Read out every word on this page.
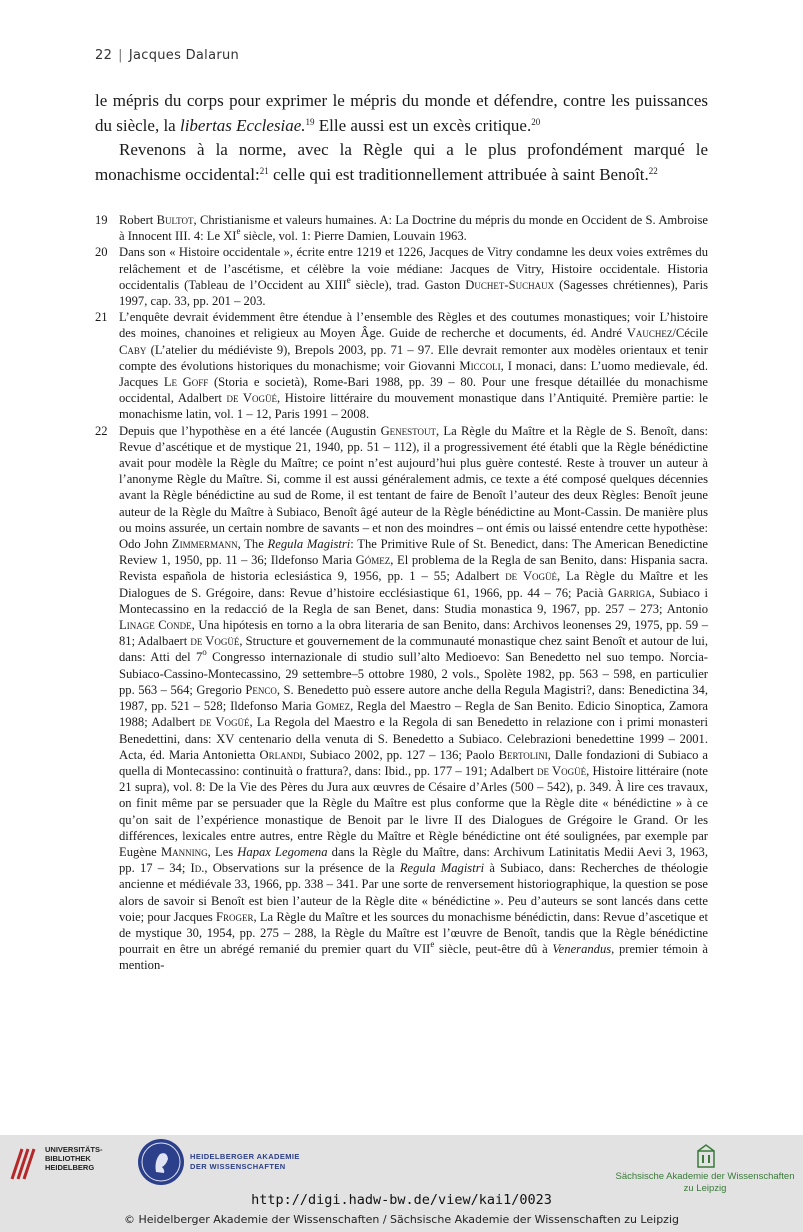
22 | Jacques Dalarun

le mépris du corps pour exprimer le mépris du monde et défendre, contre les puissances du siècle, la libertas Ecclesiae.$^{19}$ Elle aussi est un excès critique.$^{20}$

Revenons à la norme, avec la Règle qui a le plus profondément marqué le monachisme occidental:$^{21}$ celle qui est traditionnellement attribuée à saint Benoît.$^{22}$

19 Robert Bultot, Christianisme et valeurs humaines. A: La Doctrine du mépris du monde en Occident de S. Ambroise à Innocent III. 4: Le XIe siècle, vol. 1: Pierre Damien, Louvain 1963.
20 Dans son « Histoire occidentale », écrite entre 1219 et 1226, Jacques de Vitry condamne les deux voies extrêmes du relâchement et de l’ascétisme, et célèbre la voie médiane: Jacques de Vitry, Histoire occidentale. Historia occidentalis (Tableau de l’Occident au XIIIe siècle), trad. Gaston Duchet-Suchaux (Sagesses chrétiennes), Paris 1997, cap. 33, pp. 201 – 203.
21 L’enquête devrait évidemment être étendue à l’ensemble des Règles et des coutumes monastiques; voir L’histoire des moines, chanoines et religieux au Moyen Âge. Guide de recherche et documents, éd. André Vauchez/Cécile Caby (L’atelier du médiéviste 9), Brepols 2003, pp. 71 – 97. Elle devrait remonter aux modèles orientaux et tenir compte des évolutions historiques du monachisme; voir Giovanni Miccoli, I monaci, dans: L’uomo medievale, éd. Jacques Le Goff (Storia e società), Rome-Bari 1988, pp. 39 – 80. Pour une fresque détaillée du monachisme occidental, Adalbert de Vogüé, Histoire littéraire du mouvement monastique dans l’Antiquité. Première partie: le monachisme latin, vol. 1 – 12, Paris 1991 – 2008.
22 Depuis que l’hypothèse en a été lancée (Augustin Genestout, La Règle du Maître et la Règle de S. Benoît, dans: Revue d’ascétique et de mystique 21, 1940, pp. 51 – 112), il a progressivement été établi que la Règle bénédictine avait pour modèle la Règle du Maître; ce point n’est aujourd’hui plus guère contesté. Reste à trouver un auteur à l’anonyme Règle du Maître. Si, comme il est aussi généralement admis, ce texte a été composé quelques décennies avant la Règle bénédictine au sud de Rome, il est tentant de faire de Benoît l’auteur des deux Règles: Benoît jeune auteur de la Règle du Maître à Subiaco, Benoît âgé auteur de la Règle bénédictine au Mont-Cassin. De manière plus ou moins assurée, un certain nombre de savants – et non des moindres – ont émis ou laissé entendre cette hypothèse: Odo John Zimmermann, The Regula Magistri: The Primitive Rule of St. Benedict, dans: The American Benedictine Review 1, 1950, pp. 11 – 36; Ildefonso Maria Gómez, El problema de la Regla de san Benito, dans: Hispania sacra. Revista española de historia eclesiástica 9, 1956, pp. 1 – 55; Adalbert de Vogüé, La Règle du Maître et les Dialogues de S. Grégoire, dans: Revue d’histoire ecclésiastique 61, 1966, pp. 44 – 76; Pacià Garriga, Subiaco i Montecassino en la redacció de la Regla de san Benet, dans: Studia monastica 9, 1967, pp. 257 – 273; Antonio Linage Conde, Una hipótesis en torno a la obra literaria de san Benito, dans: Archivos leonenses 29, 1975, pp. 59 – 81; Adalbaert de Vogüé, Structure et gouvernement de la communauté monastique chez saint Benoît et autour de lui, dans: Atti del 7$^o$ Congresso internazionale di studio sull’alto Medioevo: San Benedetto nel suo tempo. Norcia-Subiaco-Cassino-Montecassino, 29 settembre–5 ottobre 1980, 2 vols., Spolète 1982, pp. 563 – 598, en particulier pp. 563 – 564; Gregorio Penco, S. Benedetto può essere autore anche della Regula Magistri?, dans: Benedictina 34, 1987, pp. 521 – 528; Ildefonso Maria Gomez, Regla del Maestro – Regla de San Benito. Edicio Sinoptica, Zamora 1988; Adalbert de Vogüé, La Regola del Maestro e la Regola di san Benedetto in relazione con i primi monasteri Benedettini, dans: XV centenario della venuta di S. Benedetto a Subiaco. Celebrazioni benedettine 1999 – 2001. Acta, éd. Maria Antonietta Orlandi, Subiaco 2002, pp. 127 – 136; Paolo Bertolini, Dalle fondazioni di Subiaco a quella di Montecassino: continuità o frattura?, dans: Ibid., pp. 177 – 191; Adalbert de Vogüé, Histoire littéraire (note 21 supra), vol. 8: De la Vie des Pères du Jura aux œuvres de Césaire d’Arles (500 – 542), p. 349. À lire ces travaux, on finit même par se persuader que la Règle du Maître est plus conforme que la Règle dite « bénédictine » à ce qu’on sait de l’expérience monastique de Benoit par le livre II des Dialogues de Grégoire le Grand. Or les différences, lexicales entre autres, entre Règle du Maître et Règle bénédictine ont été soulignées, par exemple par Eugène Manning, Les Hapax Legomena dans la Règle du Maître, dans: Archivum Latinitatis Medii Aevi 3, 1963, pp. 17 – 34; Id., Observations sur la présence de la Regula Magistri à Subiaco, dans: Recherches de théologie ancienne et médiévale 33, 1966, pp. 338 – 341. Par une sorte de renversement historiographique, la question se pose alors de savoir si Benoît est bien l’auteur de la Règle dite « bénédictine ». Peu d’auteurs se sont lancés dans cette voie; pour Jacques Froger, La Règle du Maître et les sources du monachisme bénédictin, dans: Revue d’ascetique et de mystique 30, 1954, pp. 275 – 288, la Règle du Maître est l’œuvre de Benoît, tandis que la Règle bénédictine pourrait en être un abrégé remanié du premier quart du VIIe siècle, peut-être dû à Venerandus, premier témoin à mention-
UNIVERSITÄTS-
BIBLIOTHEK
HEIDELBERG
HEIDELBERGER AKADEMIE
DER WISSENSCHAFTEN
Sächsische Akademie der Wissenschaften
zu Leipzig
http://digi.hadw-bw.de/view/kai1/0023
© Heidelberger Akademie der Wissenschaften / Sächsische Akademie der Wissenschaften zu Leipzig
